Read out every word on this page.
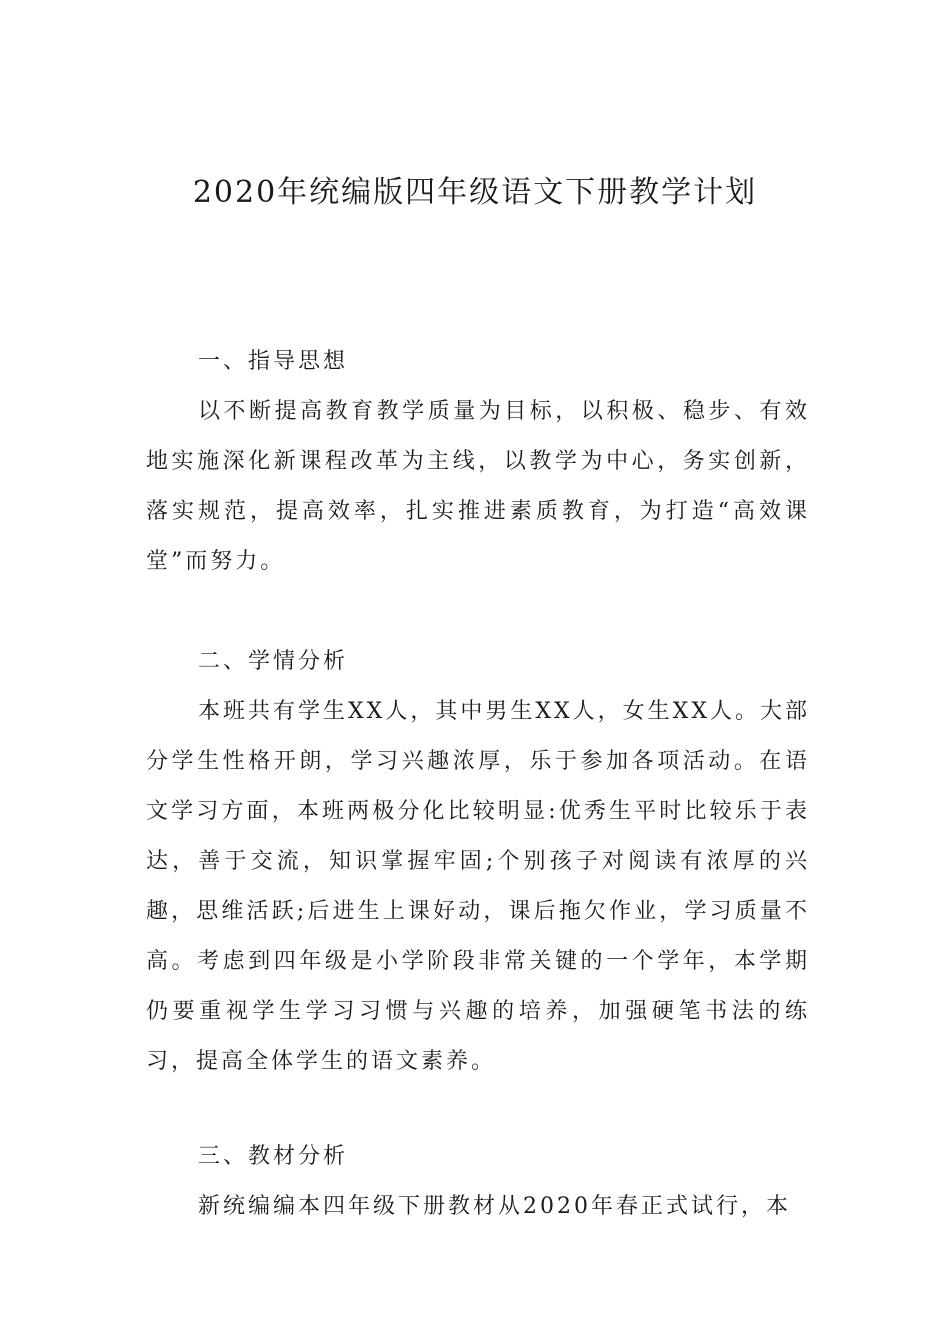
2020年统编版四年级语文下册教学计划
一、指导思想

以不断提高教育教学质量为目标，以积极、稳步、有效地实施深化新课程改革为主线，以教学为中心，务实创新，落实规范，提高效率，扎实推进素质教育，为打造“高效课堂”而努力。

二、学情分析

本班共有学生XX人，其中男生XX人，女生XX人。大部分学生性格开朗，学习兴趣浓厚，乐于参加各项活动。在语文学习方面，本班两极分化比较明显:优秀生平时比较乐于表达，善于交流，知识掌握牢固;个别孩子对阅读有浓厚的兴趣，思维活跃;后进生上课好动，课后拖欠作业，学习质量不高。考虑到四年级是小学阶段非常关键的一个学年，本学期仍要重视学生学习习惯与兴趣的培养，加强硬笔书法的练习，提高全体学生的语文素养。

三、教材分析

新统编编本四年级下册教材从2020年春正式试行，本
